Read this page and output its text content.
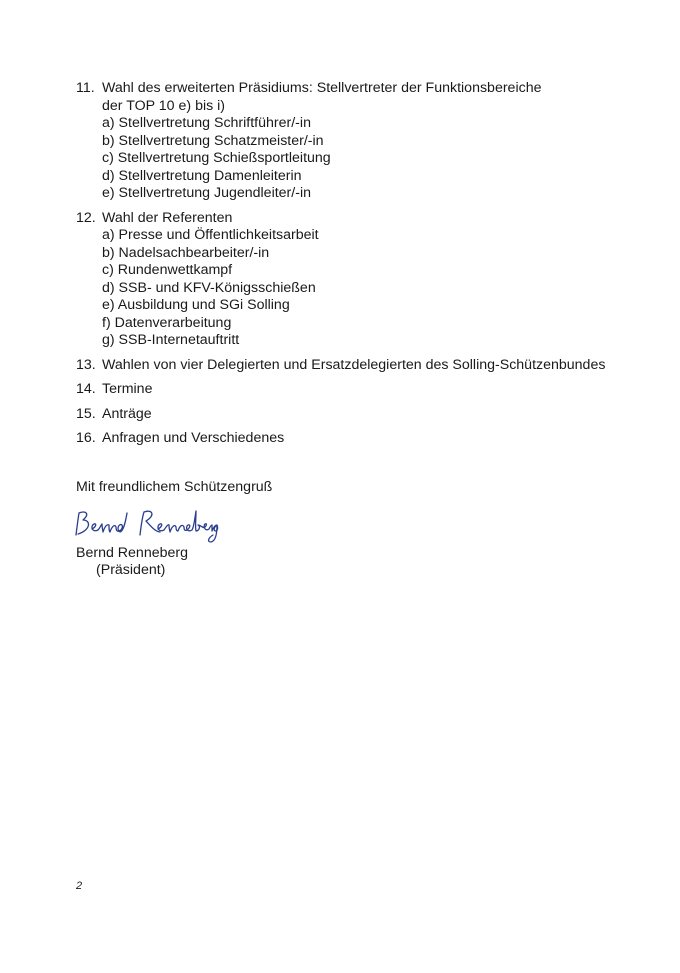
11. Wahl des erweiterten Präsidiums: Stellvertreter der Funktionsbereiche
der TOP 10 e) bis i)
a) Stellvertretung Schriftführer/-in
b) Stellvertretung Schatzmeister/-in
c) Stellvertretung Schießsportleitung
d) Stellvertretung Damenleiterin
e) Stellvertretung Jugendleiter/-in
12. Wahl der Referenten
a) Presse und Öffentlichkeitsarbeit
b) Nadelsachbearbeiter/-in
c) Rundenwettkampf
d) SSB- und KFV-Königsschießen
e) Ausbildung und SGi Solling
f) Datenverarbeitung
g) SSB-Internetauftritt
13. Wahlen von vier Delegierten und Ersatzdelegierten des Solling-Schützenbundes
14. Termine
15. Anträge
16. Anfragen und Verschiedenes
Mit freundlichem Schützengruß
Bernd Renneberg
(Präsident)
2
